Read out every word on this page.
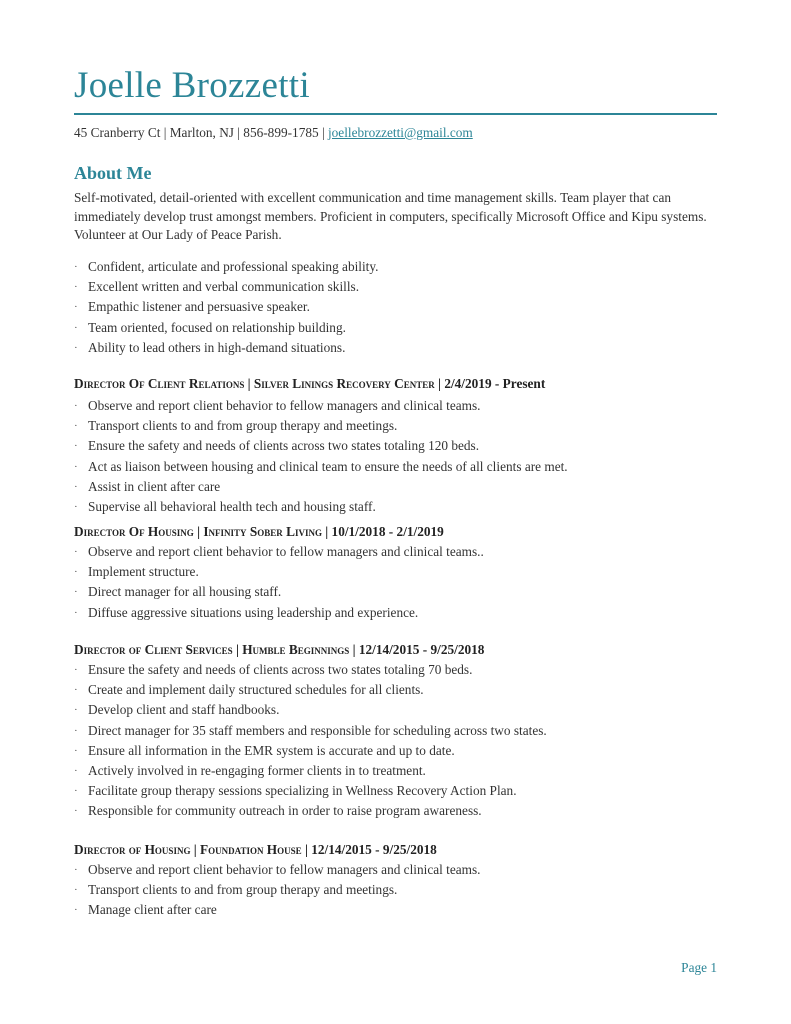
Joelle Brozzetti
45 Cranberry Ct | Marlton, NJ | 856-899-1785 | joellebrozzetti@gmail.com
About Me

Self-motivated, detail-oriented with excellent communication and time management skills. Team player that can immediately develop trust amongst members. Proficient in computers, specifically Microsoft Office and Kipu systems. Volunteer at Our Lady of Peace Parish.

· Confident, articulate and professional speaking ability.
· Excellent written and verbal communication skills.
· Empathic listener and persuasive speaker.
· Team oriented, focused on relationship building.
· Ability to lead others in high-demand situations.
Director Of Client Relations | Silver Linings Recovery Center | 2/4/2019 - Present
· Observe and report client behavior to fellow managers and clinical teams.
· Transport clients to and from group therapy and meetings.
· Ensure the safety and needs of clients across two states totaling 120 beds.
· Act as liaison between housing and clinical team to ensure the needs of all clients are met.
· Assist in client after care
· Supervise all behavioral health tech and housing staff.
Director Of Housing | Infinity Sober Living | 10/1/2018 - 2/1/2019
· Observe and report client behavior to fellow managers and clinical teams..
· Implement structure.
· Direct manager for all housing staff.
· Diffuse aggressive situations using leadership and experience.
Director of Client Services | Humble Beginnings | 12/14/2015 - 9/25/2018
· Ensure the safety and needs of clients across two states totaling 70 beds.
· Create and implement daily structured schedules for all clients.
· Develop client and staff handbooks.
· Direct manager for 35 staff members and responsible for scheduling across two states.
· Ensure all information in the EMR system is accurate and up to date.
· Actively involved in re-engaging former clients in to treatment.
· Facilitate group therapy sessions specializing in Wellness Recovery Action Plan.
· Responsible for community outreach in order to raise program awareness.
Director of Housing | Foundation House | 12/14/2015 - 9/25/2018
· Observe and report client behavior to fellow managers and clinical teams.
· Transport clients to and from group therapy and meetings.
· Manage client after care
Page 1
